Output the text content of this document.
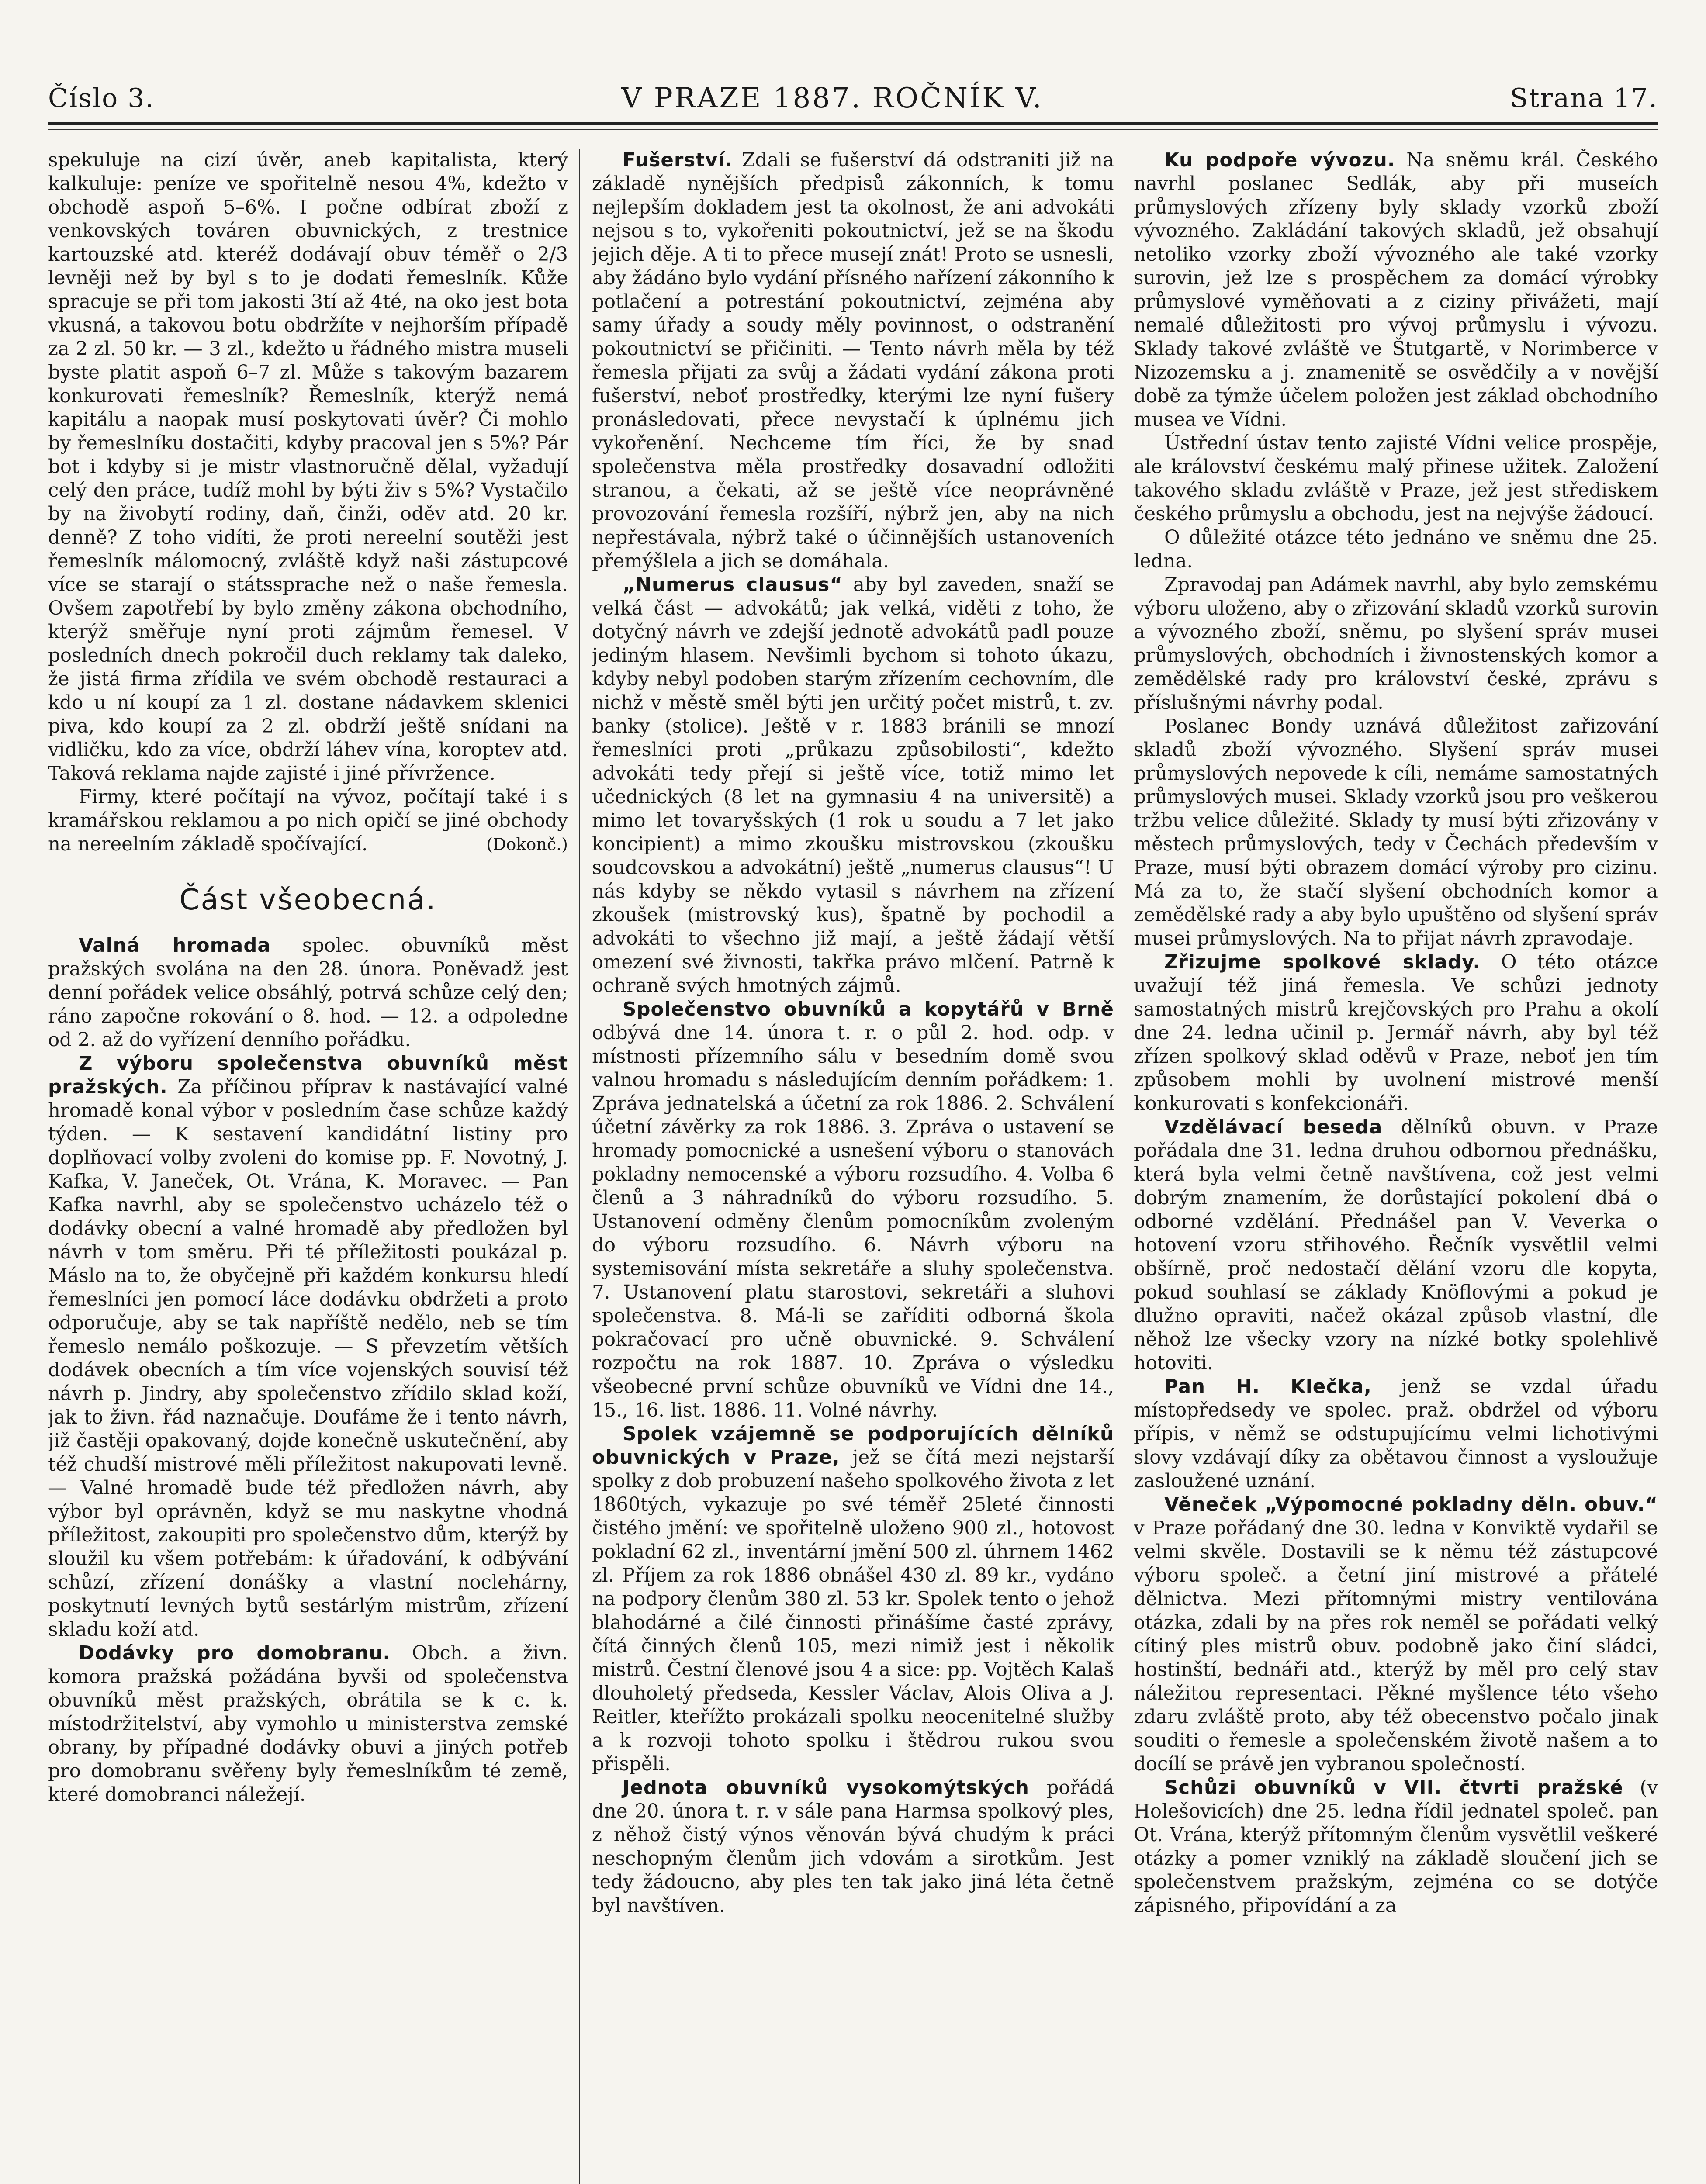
Číslo 3.	V PRAZE 1887. ROČNÍK V.	Strana 17.

spekuluje na cizí úvěr, aneb kapitalista, který kalkuluje: peníze ve spořitelně nesou 4%, kdežto v obchodě aspoň 5–6%. I počne odbírat zboží z venkovských továren obuvnických, z trestnice kartouzské atd. kteréž dodávají obuv téměř o 2/3 levněji než by byl s to je dodati řemeslník. Kůže spracuje se při tom jakosti 3tí až 4té, na oko jest bota vkusná, a takovou botu obdržíte v nejhorším případě za 2 zl. 50 kr. — 3 zl., kdežto u řádného mistra museli byste platit aspoň 6–7 zl. Může s takovým bazarem konkurovati řemeslník? Řemeslník, kterýž nemá kapitálu a naopak musí poskytovati úvěr? Či mohlo by řemeslníku dostačiti, kdyby pracoval jen s 5%? Pár bot i kdyby si je mistr vlastnoručně dělal, vyžadují celý den práce, tudíž mohl by býti živ s 5%? Vystačilo by na živobytí rodiny, daň, činži, oděv atd. 20 kr. denně? Z toho vidíti, že proti nereelní soutěži jest řemeslník málomocný, zvláště když naši zástupcové více se starají o státssprache než o naše řemesla. Ovšem zapotřebí by bylo změny zákona obchodního, kterýž směřuje nyní proti zájmům řemesel. V posledních dnech pokročil duch reklamy tak daleko, že jistá firma zřídila ve svém obchodě restauraci a kdo u ní koupí za 1 zl. dostane nádavkem sklenici piva, kdo koupí za 2 zl. obdrží ještě snídani na vidličku, kdo za více, obdrží láhev vína, koroptev atd. Taková reklama najde zajisté i jiné přívržence.

Firmy, které počítají na vývoz, počítají také i s kramářskou reklamou a po nich opičí se jiné obchody na nereelním základě spočívající.	(Dokonč.)

Část všeobecná.

Valná hromada spolec. obuvníků měst pražských svolána na den 28. února. Poněvadž jest denní pořádek velice obsáhlý, potrvá schůze celý den; ráno započne rokování o 8. hod. — 12. a odpoledne od 2. až do vyřízení denního pořádku.

Z výboru společenstva obuvníků měst pražských. Za příčinou příprav k nastávající valné hromadě konal výbor v posledním čase schůze každý týden. — K sestavení kandidátní listiny pro doplňovací volby zvoleni do komise pp. F. Novotný, J. Kafka, V. Janeček, Ot. Vrána, K. Moravec. — Pan Kafka navrhl, aby se společenstvo ucházelo též o dodávky obecní a valné hromadě aby předložen byl návrh v tom směru. Při té příležitosti poukázal p. Máslo na to, že obyčejně při každém konkursu hledí řemeslníci jen pomocí láce dodávku obdržeti a proto odporučuje, aby se tak napříště nedělo, neb se tím řemeslo nemálo poškozuje. — S převzetím větších dodávek obecních a tím více vojenských souvisí též návrh p. Jindry, aby společenstvo zřídilo sklad koží, jak to živn. řád naznačuje. Doufáme že i tento návrh, již častěji opakovaný, dojde konečně uskutečnění, aby též chudší mistrové měli příležitost nakupovati levně. — Valné hromadě bude též předložen návrh, aby výbor byl oprávněn, když se mu naskytne vhodná příležitost, zakoupiti pro společenstvo dům, kterýž by sloužil ku všem potřebám: k úřadování, k odbývání schůzí, zřízení donášky a vlastní noclehárny, poskytnutí levných bytů sestárlým mistrům, zřízení skladu koží atd.

Dodávky pro domobranu. Obch. a živn. komora pražská požádána byvši od společenstva obuvníků měst pražských, obrátila se k c. k. místodržitelství, aby vymohlo u ministerstva zemské obrany, by případné dodávky obuvi a jiných potřeb pro domobranu svěřeny byly řemeslníkům té země, které domobranci náležejí.

Fušerství. Zdali se fušerství dá odstraniti již na základě nynějších předpisů zákonních, k tomu nejlepším dokladem jest ta okolnost, že ani advokáti nejsou s to, vykořeniti pokoutnictví, jež se na škodu jejich děje. A ti to přece musejí znát! Proto se usnesli, aby žádáno bylo vydání přísného nařízení zákonního k potlačení a potrestání pokoutnictví, zejména aby samy úřady a soudy měly povinnost, o odstranění pokoutnictví se přičiniti. — Tento návrh měla by též řemesla přijati za svůj a žádati vydání zákona proti fušerství, neboť prostředky, kterými lze nyní fušery pronásledovati, přece nevystačí k úplnému jich vykořenění. Nechceme tím říci, že by snad společenstva měla prostředky dosavadní odložiti stranou, a čekati, až se ještě více neoprávněné provozování řemesla rozšíří, nýbrž jen, aby na nich nepřestávala, nýbrž také o účinnějších ustanoveních přemýšlela a jich se domáhala.

„Numerus clausus“ aby byl zaveden, snaží se velká část — advokátů; jak velká, viděti z toho, že dotyčný návrh ve zdejší jednotě advokátů padl pouze jediným hlasem. Nevšimli bychom si tohoto úkazu, kdyby nebyl podoben starým zřízením cechovním, dle nichž v městě směl býti jen určitý počet mistrů, t. zv. banky (stolice). Ještě v r. 1883 bránili se mnozí řemeslníci proti „průkazu způsobilosti“, kdežto advokáti tedy přejí si ještě více, totiž mimo let učednických (8 let na gymnasiu 4 na universitě) a mimo let tovaryšských (1 rok u soudu a 7 let jako koncipient) a mimo zkoušku mistrovskou (zkoušku soudcovskou a advokátní) ještě „numerus clausus“! U nás kdyby se někdo vytasil s návrhem na zřízení zkoušek (mistrovský kus), špatně by pochodil a advokáti to všechno již mají, a ještě žádají větší omezení své živnosti, takřka právo mlčení. Patrně k ochraně svých hmotných zájmů.

Společenstvo obuvníků a kopytářů v Brně odbývá dne 14. února t. r. o půl 2. hod. odp. v místnosti přízemního sálu v besedním domě svou valnou hromadu s následujícím denním pořádkem: 1. Zpráva jednatelská a účetní za rok 1886. 2. Schválení účetní závěrky za rok 1886. 3. Zpráva o ustavení se hromady pomocnické a usnešení výboru o stanovách pokladny nemocenské a výboru rozsudího. 4. Volba 6 členů a 3 náhradníků do výboru rozsudího. 5. Ustanovení odměny členům pomocníkům zvoleným do výboru rozsudího. 6. Návrh výboru na systemisování místa sekretáře a sluhy společenstva. 7. Ustanovení platu starostovi, sekretáři a sluhovi společenstva. 8. Má-li se zaříditi odborná škola pokračovací pro učně obuvnické. 9. Schválení rozpočtu na rok 1887. 10. Zpráva o výsledku všeobecné první schůze obuvníků ve Vídni dne 14., 15., 16. list. 1886. 11. Volné návrhy.

Spolek vzájemně se podporujících dělníků obuvnických v Praze, jež se čítá mezi nejstarší spolky z dob probuzení našeho spolkového života z let 1860tých, vykazuje po své téměř 25leté činnosti čistého jmění: ve spořitelně uloženo 900 zl., hotovost pokladní 62 zl., inventární jmění 500 zl. úhrnem 1462 zl. Příjem za rok 1886 obnášel 430 zl. 89 kr., vydáno na podpory členům 380 zl. 53 kr. Spolek tento o jehož blahodárné a čilé činnosti přinášíme časté zprávy, čítá činných členů 105, mezi nimiž jest i několik mistrů. Čestní členové jsou 4 a sice: pp. Vojtěch Kalaš dlouholetý předseda, Kessler Václav, Alois Oliva a J. Reitler, kteřížto prokázali spolku neocenitelné služby a k rozvoji tohoto spolku i štědrou rukou svou přispěli.

Jednota obuvníků vysokomýtských pořádá dne 20. února t. r. v sále pana Harmsa spolkový ples, z něhož čistý výnos věnován bývá chudým k práci neschopným členům jich vdovám a sirotkům. Jest tedy žádoucno, aby ples ten tak jako jiná léta četně byl navštíven.

Ku podpoře vývozu. Na sněmu král. Českého navrhl poslanec Sedlák, aby při museích průmyslových zřízeny byly sklady vzorků zboží vývozného. Zakládání takových skladů, jež obsahují netoliko vzorky zboží vývozného ale také vzorky surovin, jež lze s prospěchem za domácí výrobky průmyslové vyměňovati a z ciziny přivážeti, mají nemalé důležitosti pro vývoj průmyslu i vývozu. Sklady takové zvláště ve Štutgartě, v Norimberce v Nizozemsku a j. znamenitě se osvědčily a v novější době za týmže účelem položen jest základ obchodního musea ve Vídni.

Ústřední ústav tento zajisté Vídni velice prospěje, ale království českému malý přinese užitek. Založení takového skladu zvláště v Praze, jež jest střediskem českého průmyslu a obchodu, jest na nejvýše žádoucí.

O důležité otázce této jednáno ve sněmu dne 25. ledna.

Zpravodaj pan Adámek navrhl, aby bylo zemskému výboru uloženo, aby o zřizování skladů vzorků surovin a vývozného zboží, sněmu, po slyšení správ musei průmyslových, obchodních i živnostenských komor a zemědělské rady pro království české, zprávu s příslušnými návrhy podal.

Poslanec Bondy uznává důležitost zařizování skladů zboží vývozného. Slyšení správ musei průmyslových nepovede k cíli, nemáme samostatných průmyslových musei. Sklady vzorků jsou pro veškerou tržbu velice důležité. Sklady ty musí býti zřizovány v městech průmyslových, tedy v Čechách především v Praze, musí býti obrazem domácí výroby pro cizinu. Má za to, že stačí slyšení obchodních komor a zemědělské rady a aby bylo upuštěno od slyšení správ musei průmyslových. Na to přijat návrh zpravodaje.

Zřizujme spolkové sklady. O této otázce uvažují též jiná řemesla. Ve schůzi jednoty samostatných mistrů krejčovských pro Prahu a okolí dne 24. ledna učinil p. Jermář návrh, aby byl též zřízen spolkový sklad oděvů v Praze, neboť jen tím způsobem mohli by uvolnení mistrové menší konkurovati s konfekcionáři.

Vzdělávací beseda dělníků obuvn. v Praze pořádala dne 31. ledna druhou odbornou přednášku, která byla velmi četně navštívena, což jest velmi dobrým znamením, že dorůstající pokolení dbá o odborné vzdělání. Přednášel pan V. Veverka o hotovení vzoru střihového. Řečník vysvětlil velmi obšírně, proč nedostačí dělání vzoru dle kopyta, pokud souhlasí se základy Knöflovými a pokud je dlužno opraviti, načež okázal způsob vlastní, dle něhož lze všecky vzory na nízké botky spolehlivě hotoviti.

Pan H. Klečka, jenž se vzdal úřadu místopředsedy ve spolec. praž. obdržel od výboru přípis, v němž se odstupujícímu velmi lichotivými slovy vzdávají díky za obětavou činnost a vysloužuje zasloužené uznání.

Věneček „Výpomocné pokladny děln. obuv.“ v Praze pořádaný dne 30. ledna v Konviktě vydařil se velmi skvěle. Dostavili se k němu též zástupcové výboru společ. a četní jiní mistrové a přátelé dělnictva. Mezi přítomnými mistry ventilována otázka, zdali by na přes rok neměl se pořádati velký cítiný ples mistrů obuv. podobně jako činí sládci, hostinští, bednáři atd., kterýž by měl pro celý stav náležitou representaci. Pěkné myšlence této všeho zdaru zvláště proto, aby též obecenstvo počalo jinak souditi o řemesle a společenském životě našem a to docílí se právě jen vybranou společností.

Schůzi obuvníků v VII. čtvrti pražské (v Holešovicích) dne 25. ledna řídil jednatel společ. pan Ot. Vrána, kterýž přítomným členům vysvětlil veškeré otázky a pomer vzniklý na základě sloučení jich se společenstvem pražským, zejména co se dotýče zápisného, připovídání a za
